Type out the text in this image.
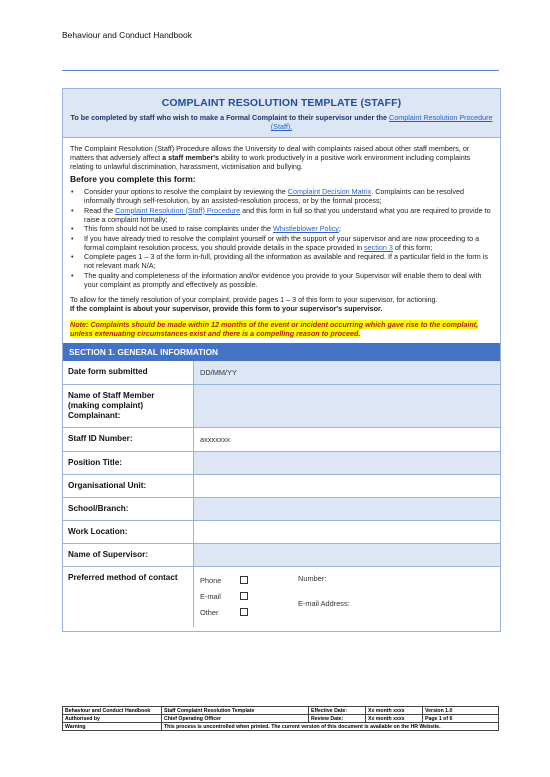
Behaviour and Conduct Handbook
COMPLAINT RESOLUTION TEMPLATE (STAFF)
To be completed by staff who wish to make a Formal Complaint to their supervisor under the Complaint Resolution Procedure (Staff).

The Complaint Resolution (Staff) Procedure allows the University to deal with complaints raised about other staff members, or matters that adversely affect a staff member's ability to work productively in a positive work environment including complaints relating to unlawful discrimination, harassment, victimisation and bullying.

Before you complete this form:
• Consider your options to resolve the complaint by reviewing the Complaint Decision Matrix. Complaints can be resolved informally through self-resolution, by an assisted-resolution process, or by the formal process;
• Read the Complaint Resolution (Staff) Procedure and this form in full so that you understand what you are required to provide to raise a complaint formally;
• This form should not be used to raise complaints under the Whistleblower Policy;
• If you have already tried to resolve the complaint yourself or with the support of your supervisor and are now proceeding to a formal complaint resolution process, you should provide details in the space provided in section 3 of this form;
• Complete pages 1 – 3 of the form in-full, providing all the information as available and required. If a particular field in the form is not relevant mark N/A;
• The quality and completeness of the information and/or evidence you provide to your Supervisor will enable them to deal with your complaint as promptly and effectively as possible.

To allow for the timely resolution of your complaint, provide pages 1 – 3 of this form to your supervisor, for actioning.
If the complaint is about your supervisor, provide this form to your supervisor's supervisor.

Note: Complaints should be made within 12 months of the event or incident occurring which gave rise to the complaint, unless extenuating circumstances exist and there is a compelling reason to proceed.
SECTION 1. GENERAL INFORMATION
Date form submitted	DD/MM/YY
Name of Staff Member (making complaint) Complainant:
Staff ID Number:	axxxxxxx
Position Title:
Organisational Unit:
School/Branch:
Work Location:
Name of Supervisor:
Preferred method of contact	Phone
E-mail
Other
Number:
E-mail Address:
Behaviour and Conduct Handbook	Staff Complaint Resolution Template	Effective Date:	Xx month xxxx	Version 1.0
Authorised by	Chief Operating Officer	Review Date:	Xx month xxxx	Page 1 of 6
Warning	This process is uncontrolled when printed. The current version of this document is available on the HR Website.			
